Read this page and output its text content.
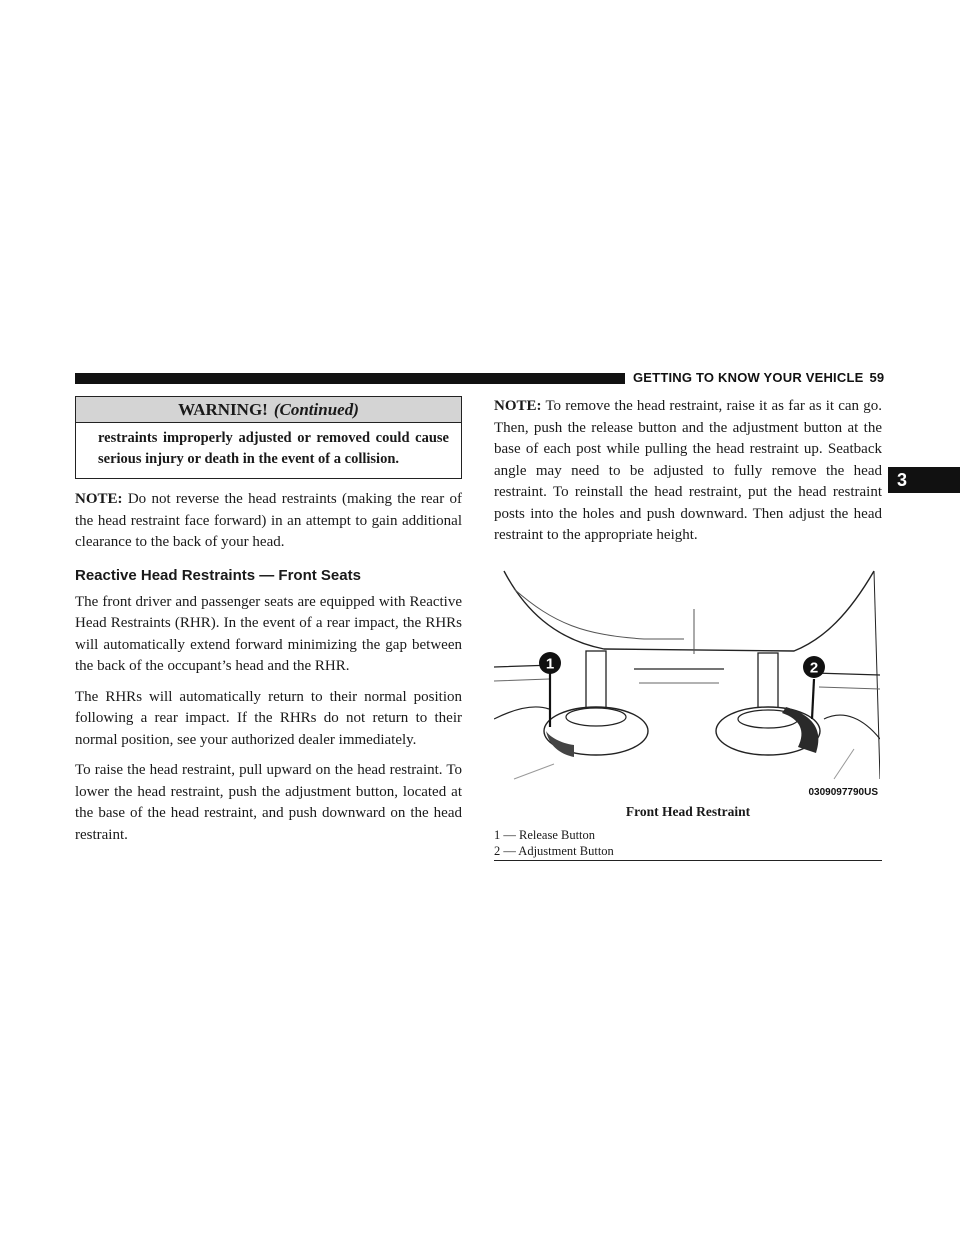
GETTING TO KNOW YOUR VEHICLE 59
3
WARNING! (Continued)
restraints improperly adjusted or removed could cause serious injury or death in the event of a collision.

NOTE: Do not reverse the head restraints (making the rear of the head restraint face forward) in an attempt to gain additional clearance to the back of your head.

Reactive Head Restraints — Front Seats

The front driver and passenger seats are equipped with Reactive Head Restraints (RHR). In the event of a rear impact, the RHRs will automatically extend forward minimizing the gap between the back of the occupant’s head and the RHR.

The RHRs will automatically return to their normal position following a rear impact. If the RHRs do not return to their normal position, see your authorized dealer immediately.

To raise the head restraint, pull upward on the head restraint. To lower the head restraint, push the adjustment button, located at the base of the head restraint, and push downward on the head restraint.

NOTE: To remove the head restraint, raise it as far as it can go. Then, push the release button and the adjustment button at the base of each post while pulling the head restraint up. Seatback angle may need to be adjusted to fully remove the head restraint. To reinstall the head restraint, put the head restraint posts into the holes and push downward. Then adjust the head restraint to the appropriate height.

1	2
0309097790US
Front Head Restraint
1 — Release Button
2 — Adjustment Button
